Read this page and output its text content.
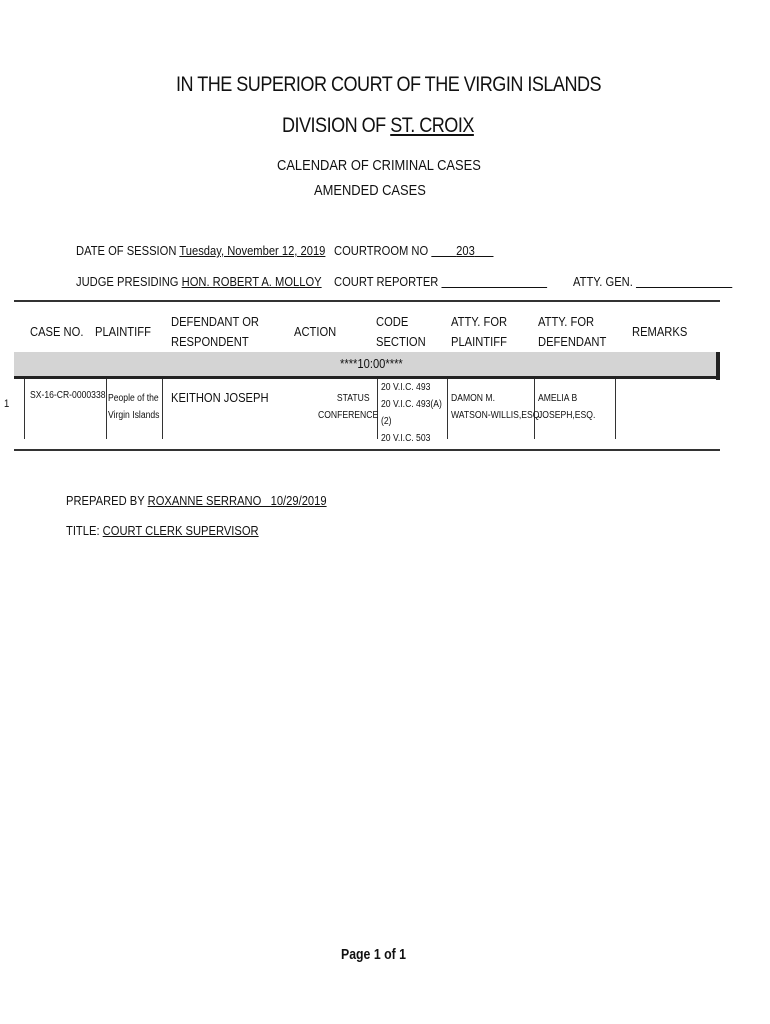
IN THE SUPERIOR COURT OF THE VIRGIN ISLANDS
DIVISION OF ST. CROIX
CALENDAR OF CRIMINAL CASES
AMENDED CASES
DATE OF SESSION Tuesday, November 12, 2019 COURTROOM NO 203
JUDGE PRESIDING HON. ROBERT A. MOLLOY COURT REPORTER	ATTY. GEN.
CASE NO. PLAINTIFF
DEFENDANT OR
RESPONDENT
ACTION
CODE
SECTION
ATTY. FOR
PLAINTIFF
ATTY. FOR
DEFENDANT
REMARKS
****10:00****
1
SX-16-CR-0000338 People of the
Virgin Islands
KEITHON JOSEPH	STATUS
CONFERENCE
20 V.I.C. 493
20 V.I.C. 493(A)
(2)
20 V.I.C. 503
DAMON M.
WATSON-WILLIS,ESQ.
AMELIA B
JOSEPH,ESQ.
PREPARED BY ROXANNE SERRANO   10/29/2019
TITLE: COURT CLERK SUPERVISOR
Page 1 of 1
